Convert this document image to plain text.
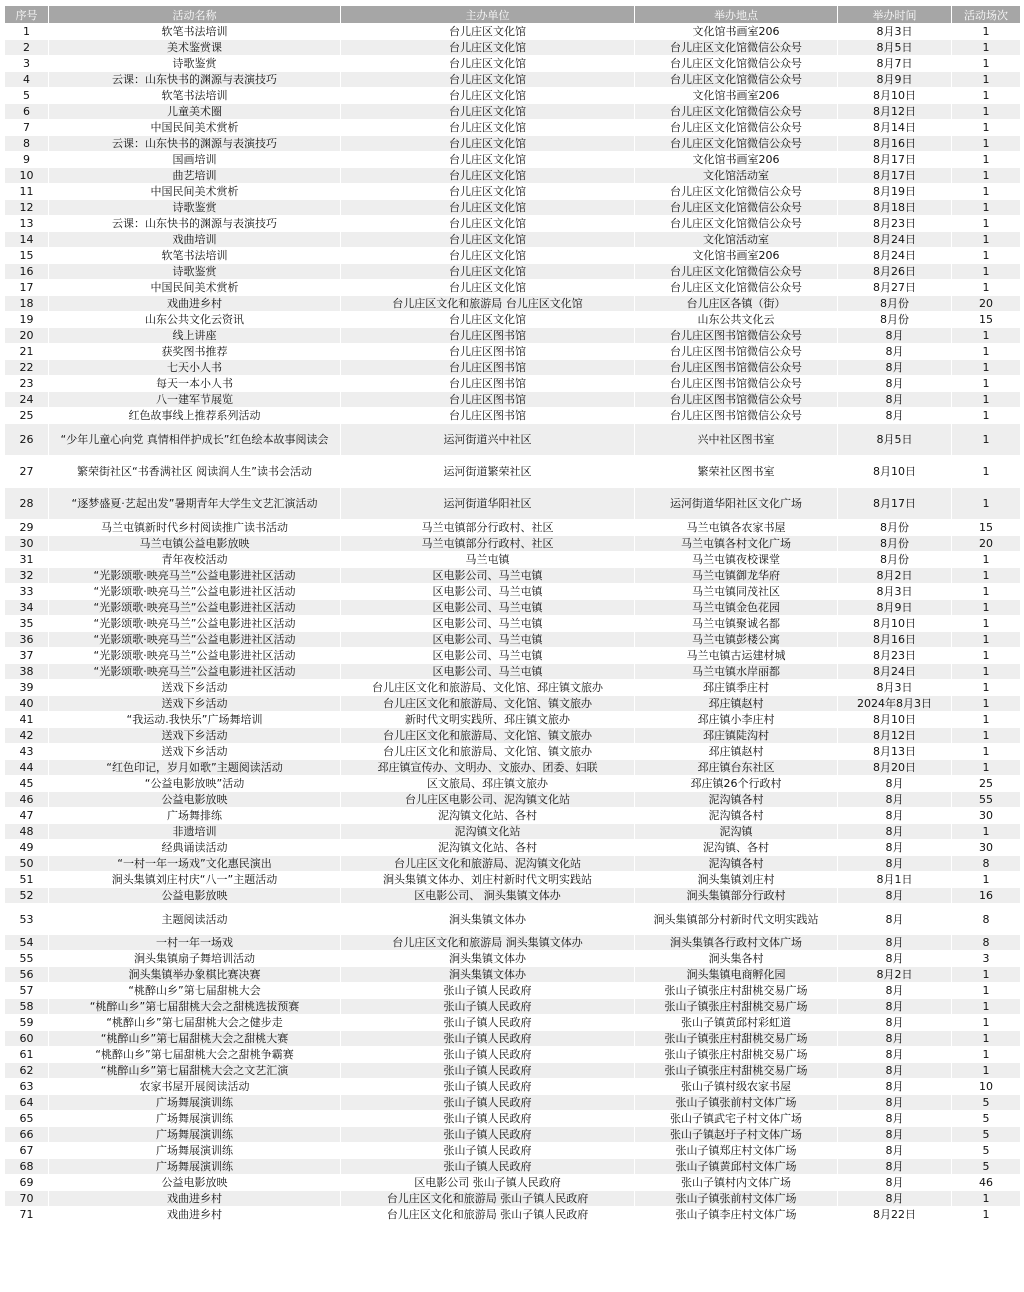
序号	活动名称	主办单位	举办地点	举办时间	活动场次
1	软笔书法培训	台儿庄区文化馆	文化馆书画室206	8月3日	1
2	美术鉴赏课	台儿庄区文化馆	台儿庄区文化馆微信公众号	8月5日	1
3	诗歌鉴赏	台儿庄区文化馆	台儿庄区文化馆微信公众号	8月7日	1
4	云课：山东快书的渊源与表演技巧	台儿庄区文化馆	台儿庄区文化馆微信公众号	8月9日	1
5	软笔书法培训	台儿庄区文化馆	文化馆书画室206	8月10日	1
6	儿童美术圈	台儿庄区文化馆	台儿庄区文化馆微信公众号	8月12日	1
7	中国民间美术赏析	台儿庄区文化馆	台儿庄区文化馆微信公众号	8月14日	1
8	云课：山东快书的渊源与表演技巧	台儿庄区文化馆	台儿庄区文化馆微信公众号	8月16日	1
9	国画培训	台儿庄区文化馆	文化馆书画室206	8月17日	1
10	曲艺培训	台儿庄区文化馆	文化馆活动室	8月17日	1
11	中国民间美术赏析	台儿庄区文化馆	台儿庄区文化馆微信公众号	8月19日	1
12	诗歌鉴赏	台儿庄区文化馆	台儿庄区文化馆微信公众号	8月18日	1
13	云课：山东快书的渊源与表演技巧	台儿庄区文化馆	台儿庄区文化馆微信公众号	8月23日	1
14	戏曲培训	台儿庄区文化馆	文化馆活动室	8月24日	1
15	软笔书法培训	台儿庄区文化馆	文化馆书画室206	8月24日	1
16	诗歌鉴赏	台儿庄区文化馆	台儿庄区文化馆微信公众号	8月26日	1
17	中国民间美术赏析	台儿庄区文化馆	台儿庄区文化馆微信公众号	8月27日	1
18	戏曲进乡村	台儿庄区文化和旅游局 台儿庄区文化馆	台儿庄区各镇（街）	8月份	20
19	山东公共文化云资讯	台儿庄区文化馆	山东公共文化云	8月份	15
20	线上讲座	台儿庄区图书馆	台儿庄区图书馆微信公众号	8月	1
21	获奖图书推荐	台儿庄区图书馆	台儿庄区图书馆微信公众号	8月	1
22	七天小人书	台儿庄区图书馆	台儿庄区图书馆微信公众号	8月	1
23	每天一本小人书	台儿庄区图书馆	台儿庄区图书馆微信公众号	8月	1
24	八一建军节展览	台儿庄区图书馆	台儿庄区图书馆微信公众号	8月	1
25	红色故事线上推荐系列活动	台儿庄区图书馆	台儿庄区图书馆微信公众号	8月	1
26	“少年儿童心向党 真情相伴护成长”红色绘本故事阅读会	运河街道兴中社区	兴中社区图书室	8月5日	1
27	繁荣街社区“书香满社区 阅读润人生”读书会活动	运河街道繁荣社区	繁荣社区图书室	8月10日	1
28	“逐梦盛夏·艺起出发”暑期青年大学生文艺汇演活动	运河街道华阳社区	运河街道华阳社区文化广场	8月17日	1
29	马兰屯镇新时代乡村阅读推广读书活动	马兰屯镇部分行政村、社区	马兰屯镇各农家书屋	8月份	15
30	马兰屯镇公益电影放映	马兰屯镇部分行政村、社区	马兰屯镇各村文化广场	8月份	20
31	青年夜校活动	马兰屯镇	马兰屯镇夜校课堂	8月份	1
32	“光影颂歌·映亮马兰”公益电影进社区活动	区电影公司、马兰屯镇	马兰屯镇御龙华府	8月2日	1
33	“光影颂歌·映亮马兰”公益电影进社区活动	区电影公司、马兰屯镇	马兰屯镇同茂社区	8月3日	1
34	“光影颂歌·映亮马兰”公益电影进社区活动	区电影公司、马兰屯镇	马兰屯镇金色花园	8月9日	1
35	“光影颂歌·映亮马兰”公益电影进社区活动	区电影公司、马兰屯镇	马兰屯镇聚诚名都	8月10日	1
36	“光影颂歌·映亮马兰”公益电影进社区活动	区电影公司、马兰屯镇	马兰屯镇彭楼公寓	8月16日	1
37	“光影颂歌·映亮马兰”公益电影进社区活动	区电影公司、马兰屯镇	马兰屯镇古运建材城	8月23日	1
38	“光影颂歌·映亮马兰”公益电影进社区活动	区电影公司、马兰屯镇	马兰屯镇水岸丽都	8月24日	1
39	送戏下乡活动	台儿庄区文化和旅游局、文化馆、邳庄镇文旅办	邳庄镇季庄村	8月3日	1
40	送戏下乡活动	台儿庄区文化和旅游局、文化馆、镇文旅办	邳庄镇赵村	2024年8月3日	1
41	“我运动.我快乐”广场舞培训	新时代文明实践所、邳庄镇文旅办	邳庄镇小李庄村	8月10日	1
42	送戏下乡活动	台儿庄区文化和旅游局、文化馆、镇文旅办	邳庄镇陡沟村	8月12日	1
43	送戏下乡活动	台儿庄区文化和旅游局、文化馆、镇文旅办	邳庄镇赵村	8月13日	1
44	“红色印记，岁月如歌”主题阅读活动	邳庄镇宣传办、文明办、文旅办、团委、妇联	邳庄镇台东社区	8月20日	1
45	“公益电影放映”活动	区文旅局、邳庄镇文旅办	邳庄镇26个行政村	8月	25
46	公益电影放映	台儿庄区电影公司、泥沟镇文化站	泥沟镇各村	8月	55
47	广场舞排练	泥沟镇文化站、各村	泥沟镇各村	8月	30
48	非遗培训	泥沟镇文化站	泥沟镇	8月	1
49	经典诵读活动	泥沟镇文化站、各村	泥沟镇、各村	8月	30
50	“一村一年一场戏”文化惠民演出	台儿庄区文化和旅游局、泥沟镇文化站	泥沟镇各村	8月	8
51	涧头集镇刘庄村庆“八一”主题活动	涧头集镇文体办、刘庄村新时代文明实践站	涧头集镇刘庄村	8月1日	1
52	公益电影放映	区电影公司、 涧头集镇文体办	涧头集镇部分行政村	8月	16
53	主题阅读活动	涧头集镇文体办	涧头集镇部分村新时代文明实践站	8月	8
54	一村一年一场戏	台儿庄区文化和旅游局 涧头集镇文体办	涧头集镇各行政村文体广场	8月	8
55	涧头集镇扇子舞培训活动	涧头集镇文体办	涧头集各村	8月	3
56	涧头集镇举办象棋比赛决赛	涧头集镇文体办	涧头集镇电商孵化园	8月2日	1
57	“桃醉山乡”第七届甜桃大会	张山子镇人民政府	张山子镇张庄村甜桃交易广场	8月	1
58	“桃醉山乡”第七届甜桃大会之甜桃选拔预赛	张山子镇人民政府	张山子镇张庄村甜桃交易广场	8月	1
59	“桃醉山乡”第七届甜桃大会之健步走	张山子镇人民政府	张山子镇黄邱村彩虹道	8月	1
60	“桃醉山乡”第七届甜桃大会之甜桃大赛	张山子镇人民政府	张山子镇张庄村甜桃交易广场	8月	1
61	“桃醉山乡”第七届甜桃大会之甜桃争霸赛	张山子镇人民政府	张山子镇张庄村甜桃交易广场	8月	1
62	“桃醉山乡”第七届甜桃大会之文艺汇演	张山子镇人民政府	张山子镇张庄村甜桃交易广场	8月	1
63	农家书屋开展阅读活动	张山子镇人民政府	张山子镇村级农家书屋	8月	10
64	广场舞展演训练	张山子镇人民政府	张山子镇张前村文体广场	8月	5
65	广场舞展演训练	张山子镇人民政府	张山子镇武宅子村文体广场	8月	5
66	广场舞展演训练	张山子镇人民政府	张山子镇赵圩子村文体广场	8月	5
67	广场舞展演训练	张山子镇人民政府	张山子镇郑庄村文体广场	8月	5
68	广场舞展演训练	张山子镇人民政府	张山子镇黄邱村文体广场	8月	5
69	公益电影放映	区电影公司 张山子镇人民政府	张山子镇村内文体广场	8月	46
70	戏曲进乡村	台儿庄区文化和旅游局 张山子镇人民政府	张山子镇张前村文体广场	8月	1
71	戏曲进乡村	台儿庄区文化和旅游局 张山子镇人民政府	张山子镇李庄村文体广场	8月22日	1
